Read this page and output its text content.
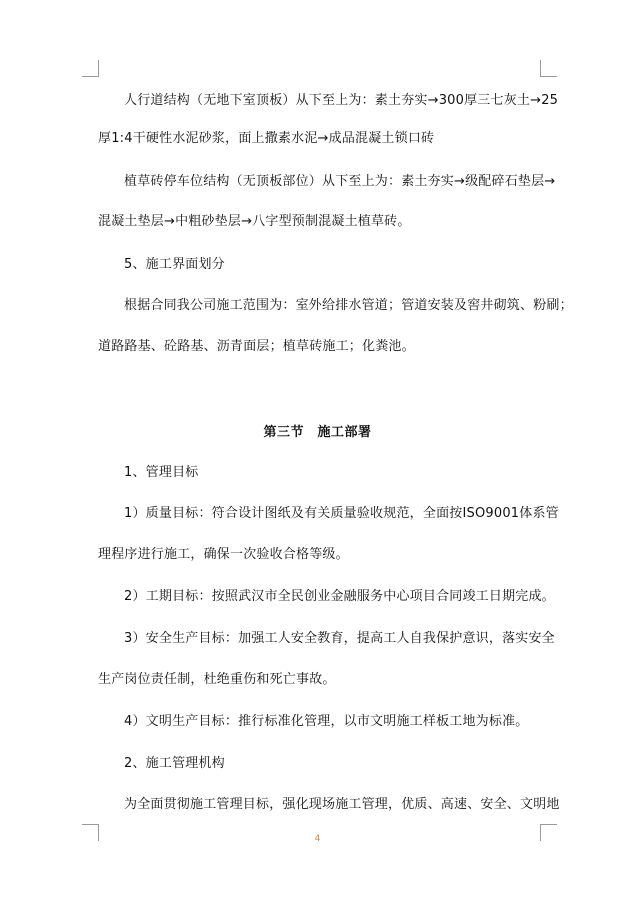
人行道结构（无地下室顶板）从下至上为：素土夯实→300厚三七灰土→25
厚1:4干硬性水泥砂浆，面上撒素水泥→成品混凝土锁口砖
植草砖停车位结构（无顶板部位）从下至上为：素土夯实→级配碎石垫层→
混凝土垫层→中粗砂垫层→八字型预制混凝土植草砖。
5、施工界面划分
根据合同我公司施工范围为：室外给排水管道；管道安装及窖井砌筑、粉刷；
道路路基、砼路基、沥青面层；植草砖施工；化粪池。
第三节　施工部署
1、管理目标
1）质量目标：符合设计图纸及有关质量验收规范，全面按ISO9001体系管
理程序进行施工，确保一次验收合格等级。
2）工期目标：按照武汉市全民创业金融服务中心项目合同竣工日期完成。
3）安全生产目标：加强工人安全教育，提高工人自我保护意识，落实安全
生产岗位责任制，杜绝重伤和死亡事故。
4）文明生产目标：推行标准化管理，以市文明施工样板工地为标准。
2、施工管理机构
为全面贯彻施工管理目标，强化现场施工管理，优质、高速、安全、文明地
4
